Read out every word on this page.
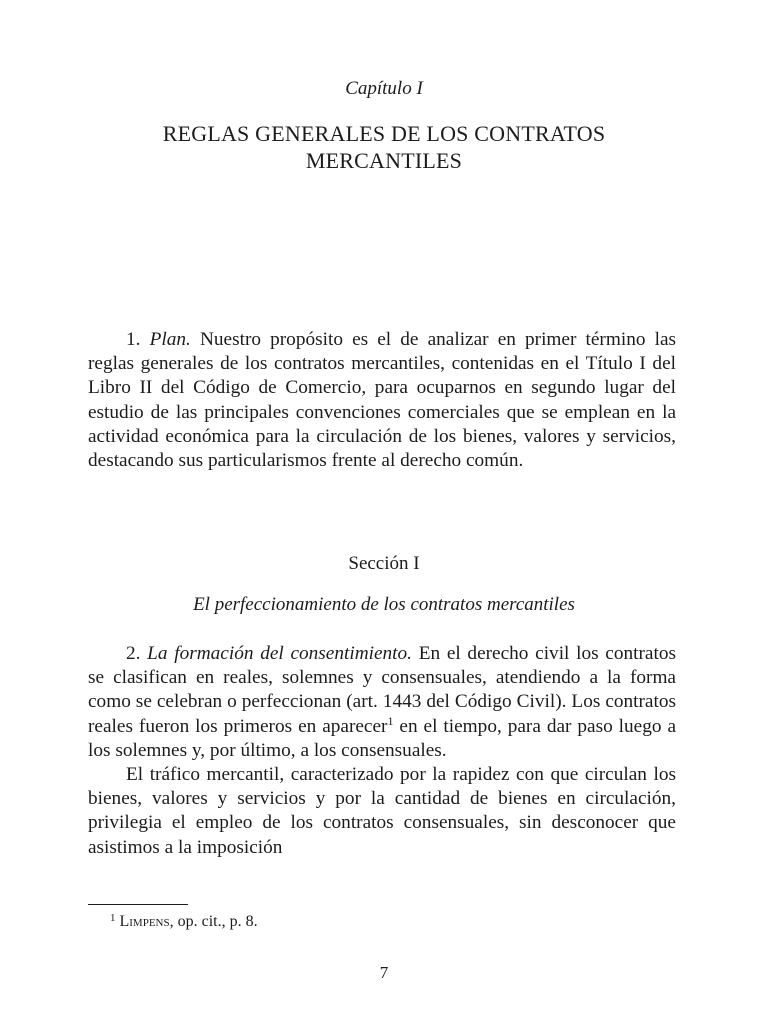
Capítulo I
REGLAS GENERALES DE LOS CONTRATOS
MERCANTILES

1. Plan. Nuestro propósito es el de analizar en primer término las reglas generales de los contratos mercantiles, contenidas en el Título I del Libro II del Código de Comercio, para ocuparnos en segundo lugar del estudio de las principales convenciones comerciales que se emplean en la actividad económica para la circulación de los bienes, valores y servicios, destacando sus particularismos frente al derecho común.

Sección I
El perfeccionamiento de los contratos mercantiles

2. La formación del consentimiento. En el derecho civil los contratos se clasifican en reales, solemnes y consensuales, atendiendo a la forma como se celebran o perfeccionan (art. 1443 del Código Civil). Los contratos reales fueron los primeros en aparecer$^1$ en el tiempo, para dar paso luego a los solemnes y, por último, a los consensuales.

El tráfico mercantil, caracterizado por la rapidez con que circulan los bienes, valores y servicios y por la cantidad de bienes en circulación, privilegia el empleo de los contratos consensuales, sin desconocer que asistimos a la imposición

$^1$ Limpens, op. cit., p. 8.
7
